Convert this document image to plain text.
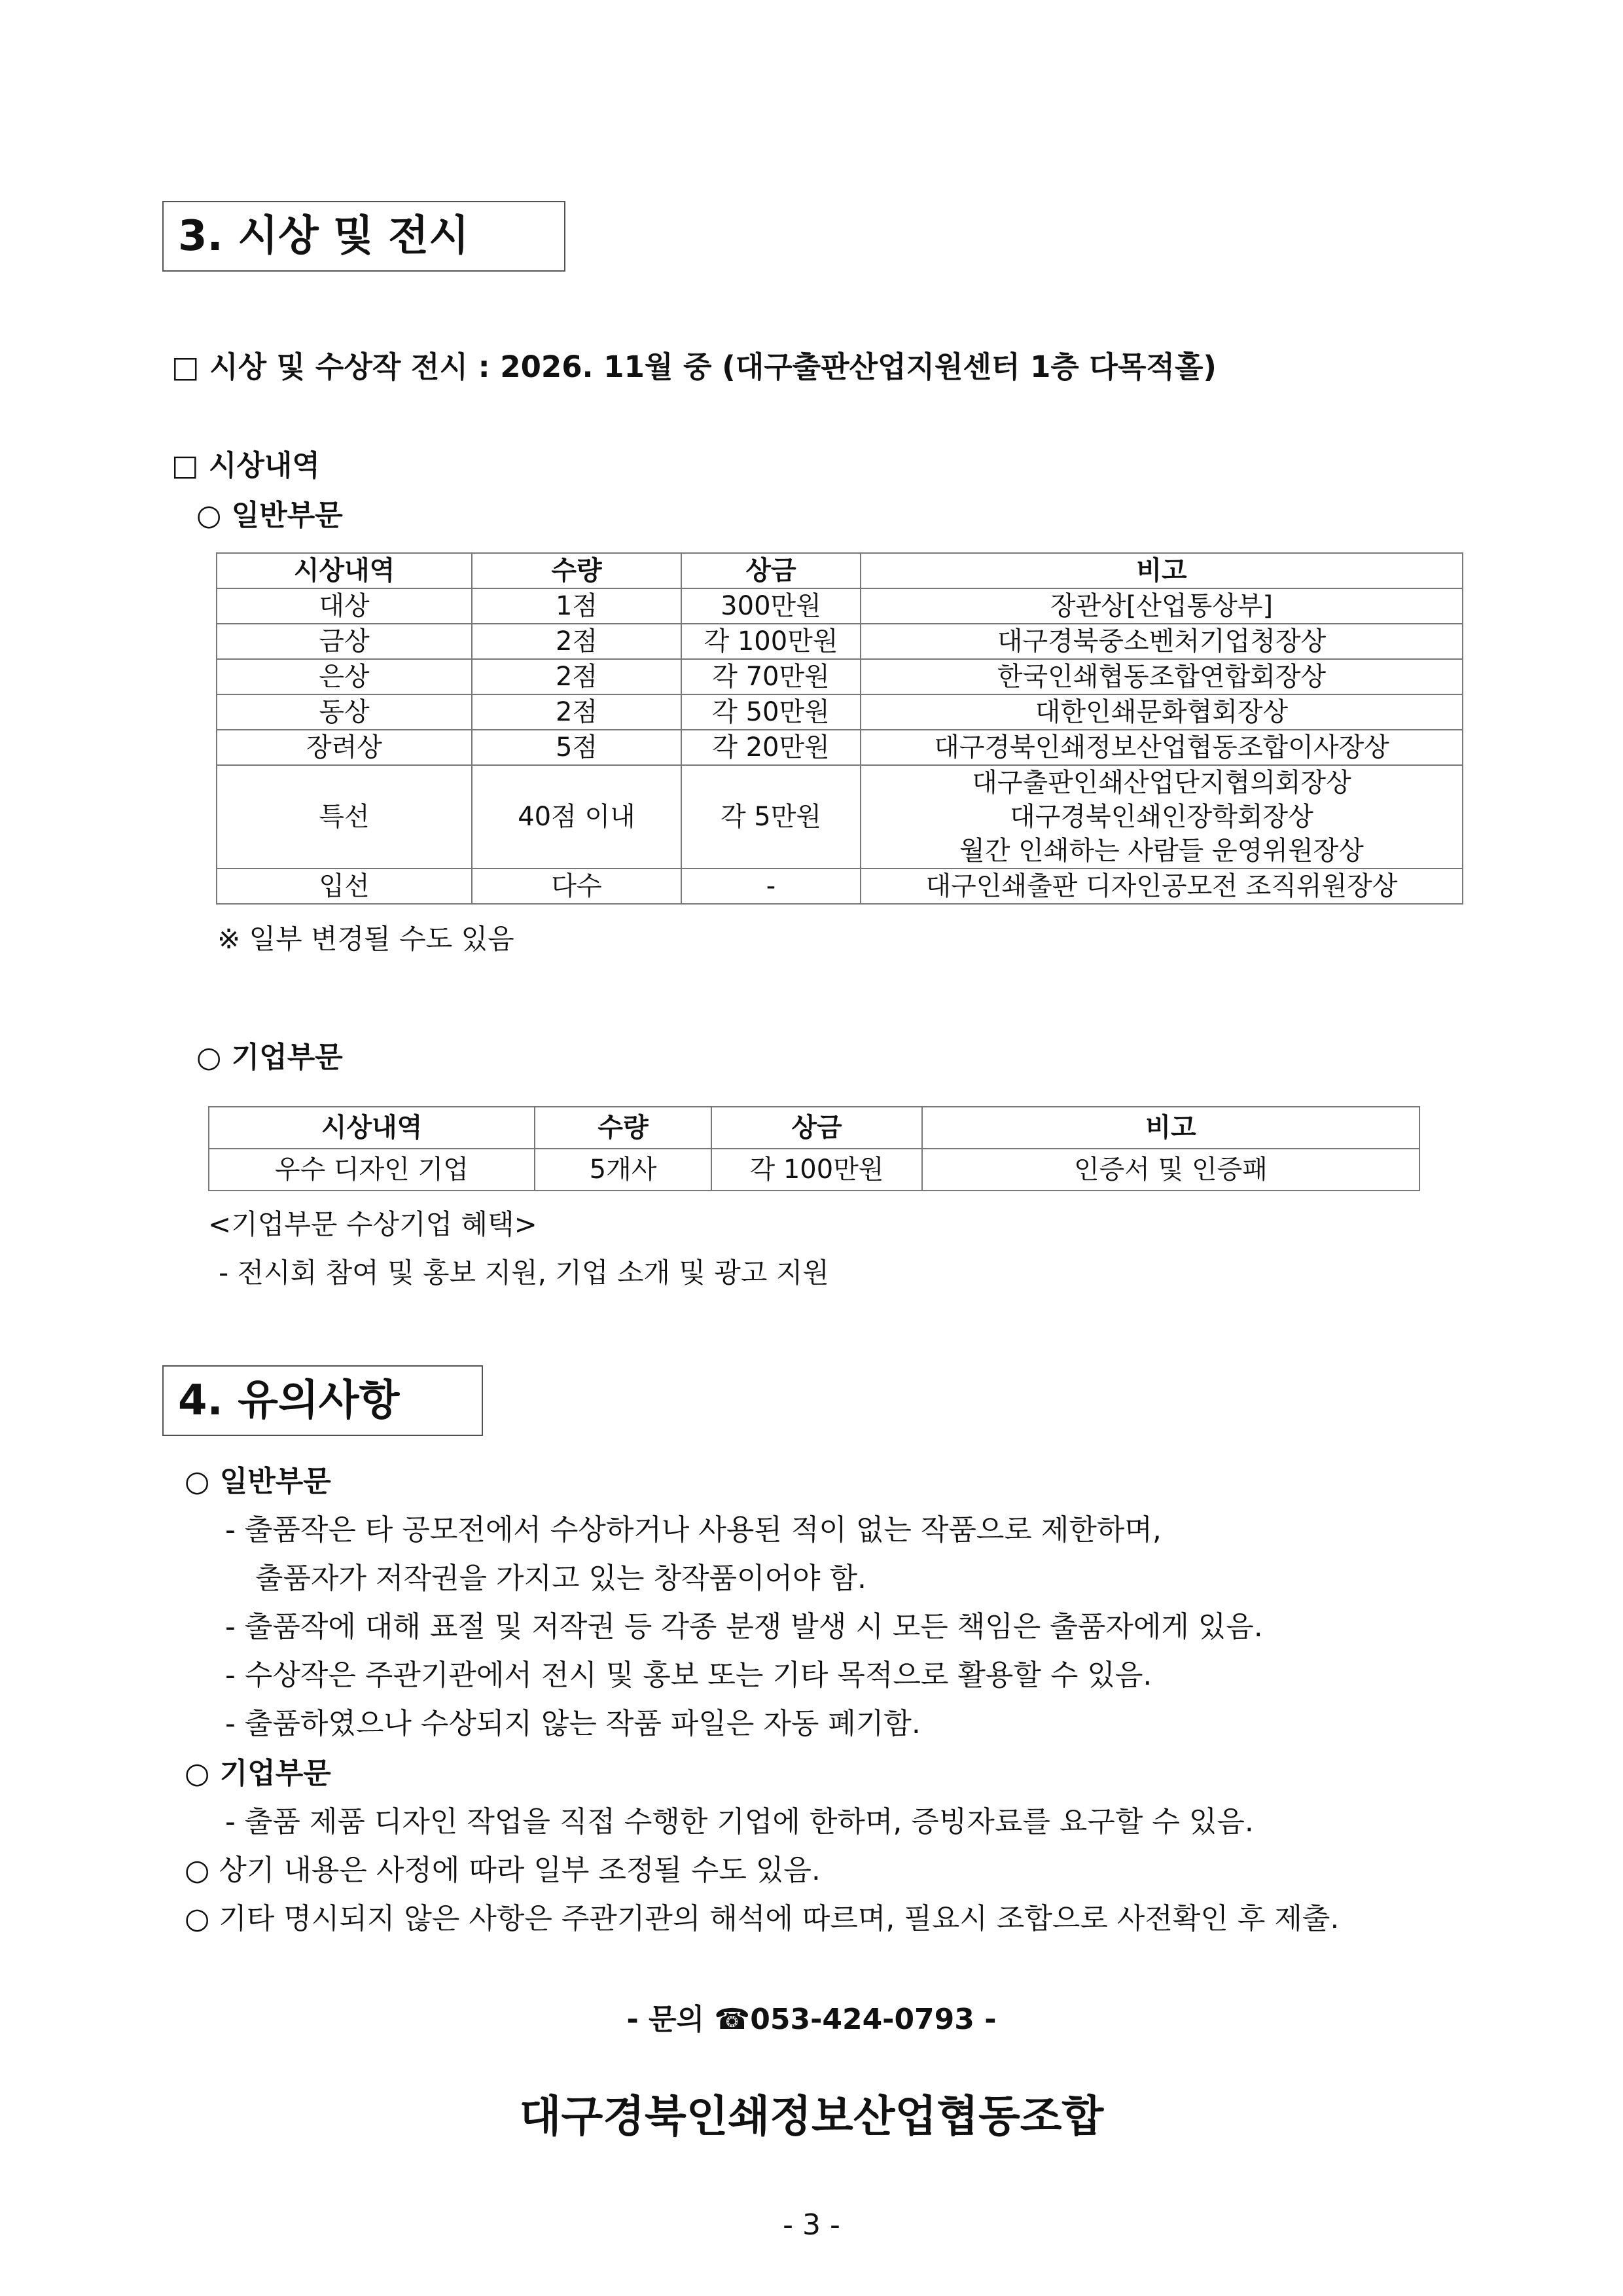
3. 시상 및 전시
□ 시상 및 수상작 전시 : 2026. 11월 중 (대구출판산업지원센터 1층 다목적홀)
□ 시상내역
○ 일반부문
시상내역	수량	상금	비고
대상	1점	300만원	장관상[산업통상부]
금상	2점	각 100만원	대구경북중소벤처기업청장상
은상	2점	각 70만원	한국인쇄협동조합연합회장상
동상	2점	각 50만원	대한인쇄문화협회장상
장려상	5점	각 20만원	대구경북인쇄정보산업협동조합이사장상
특선	40점 이내	각 5만원	대구출판인쇄산업단지협의회장상
대구경북인쇄인장학회장상
월간 인쇄하는 사람들 운영위원장상

입선	다수	-	대구인쇄출판 디자인공모전 조직위원장상
※ 일부 변경될 수도 있음
○ 기업부문
시상내역	수량	상금	비고
우수 디자인 기업	5개사	각 100만원	인증서 및 인증패
<기업부문 수상기업 혜택>
- 전시회 참여 및 홍보 지원, 기업 소개 및 광고 지원
4. 유의사항
○ 일반부문
- 출품작은 타 공모전에서 수상하거나 사용된 적이 없는 작품으로 제한하며,
출품자가 저작권을 가지고 있는 창작품이어야 함.
- 출품작에 대해 표절 및 저작권 등 각종 분쟁 발생 시 모든 책임은 출품자에게 있음.
- 수상작은 주관기관에서 전시 및 홍보 또는 기타 목적으로 활용할 수 있음.
- 출품하였으나 수상되지 않는 작품 파일은 자동 폐기함.
○ 기업부문
- 출품 제품 디자인 작업을 직접 수행한 기업에 한하며, 증빙자료를 요구할 수 있음.
○ 상기 내용은 사정에 따라 일부 조정될 수도 있음.
○ 기타 명시되지 않은 사항은 주관기관의 해석에 따르며, 필요시 조합으로 사전확인 후 제출.
- 문의 ☎053-424-0793 -
대구경북인쇄정보산업협동조합
- 3 -
